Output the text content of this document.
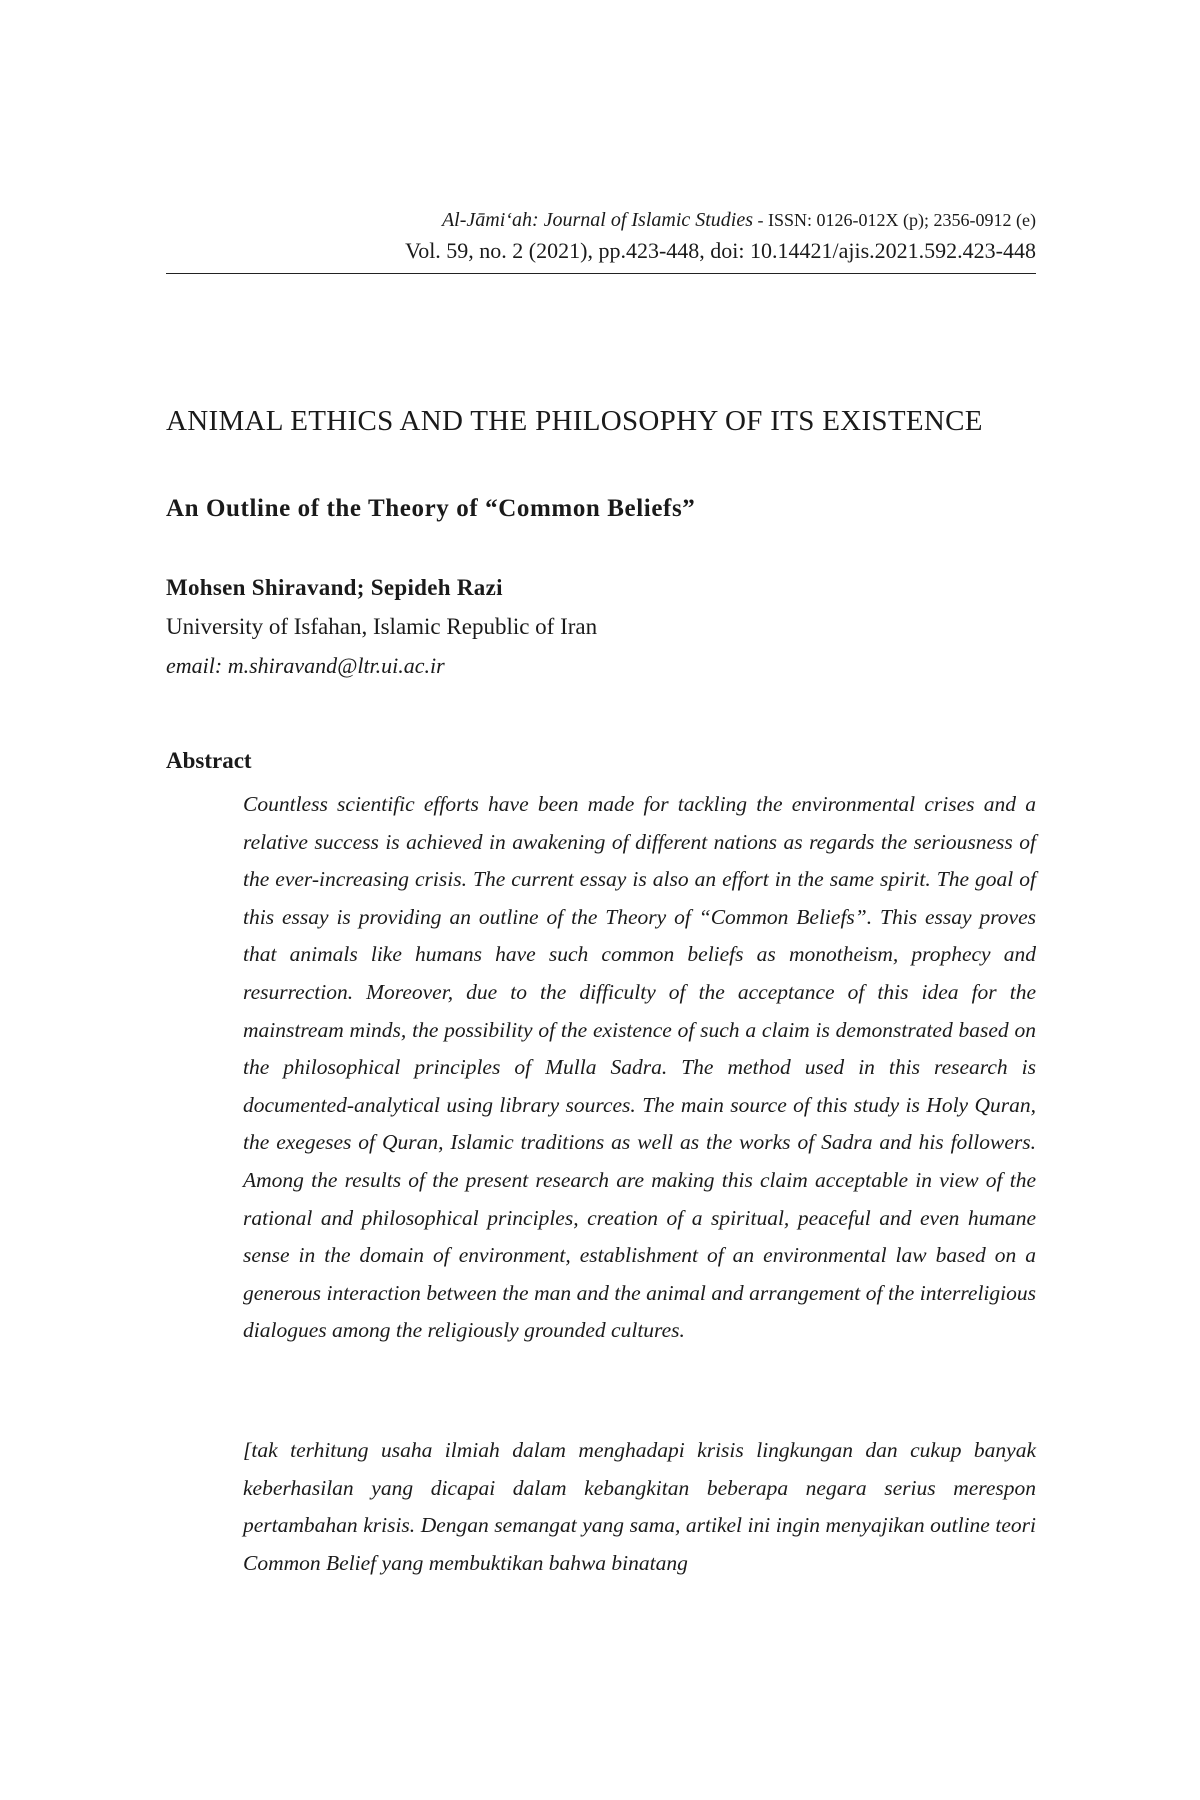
Al-Jāmi‘ah: Journal of Islamic Studies - ISSN: 0126-012X (p); 2356-0912 (e)
Vol. 59, no. 2 (2021), pp.423-448, doi: 10.14421/ajis.2021.592.423-448
ANIMAL ETHICS AND THE PHILOSOPHY OF ITS EXISTENCE
An Outline of the Theory of “Common Beliefs”
Mohsen Shiravand; Sepideh Razi
University of Isfahan, Islamic Republic of Iran
email: m.shiravand@ltr.ui.ac.ir
Abstract

Countless scientific efforts have been made for tackling the environmental crises and a relative success is achieved in awakening of different nations as regards the seriousness of the ever-increasing crisis. The current essay is also an effort in the same spirit. The goal of this essay is providing an outline of the Theory of “Common Beliefs”. This essay proves that animals like humans have such common beliefs as monotheism, prophecy and resurrection. Moreover, due to the difficulty of the acceptance of this idea for the mainstream minds, the possibility of the existence of such a claim is demonstrated based on the philosophical principles of Mulla Sadra. The method used in this research is documented-analytical using library sources. The main source of this study is Holy Quran, the exegeses of Quran, Islamic traditions as well as the works of Sadra and his followers. Among the results of the present research are making this claim acceptable in view of the rational and philosophical principles, creation of a spiritual, peaceful and even humane sense in the domain of environment, establishment of an environmental law based on a generous interaction between the man and the animal and arrangement of the interreligious dialogues among the religiously grounded cultures.

[tak terhitung usaha ilmiah dalam menghadapi krisis lingkungan dan cukup banyak keberhasilan yang dicapai dalam kebangkitan beberapa negara serius merespon pertambahan krisis. Dengan semangat yang sama, artikel ini ingin menyajikan outline teori Common Belief yang membuktikan bahwa binatang
